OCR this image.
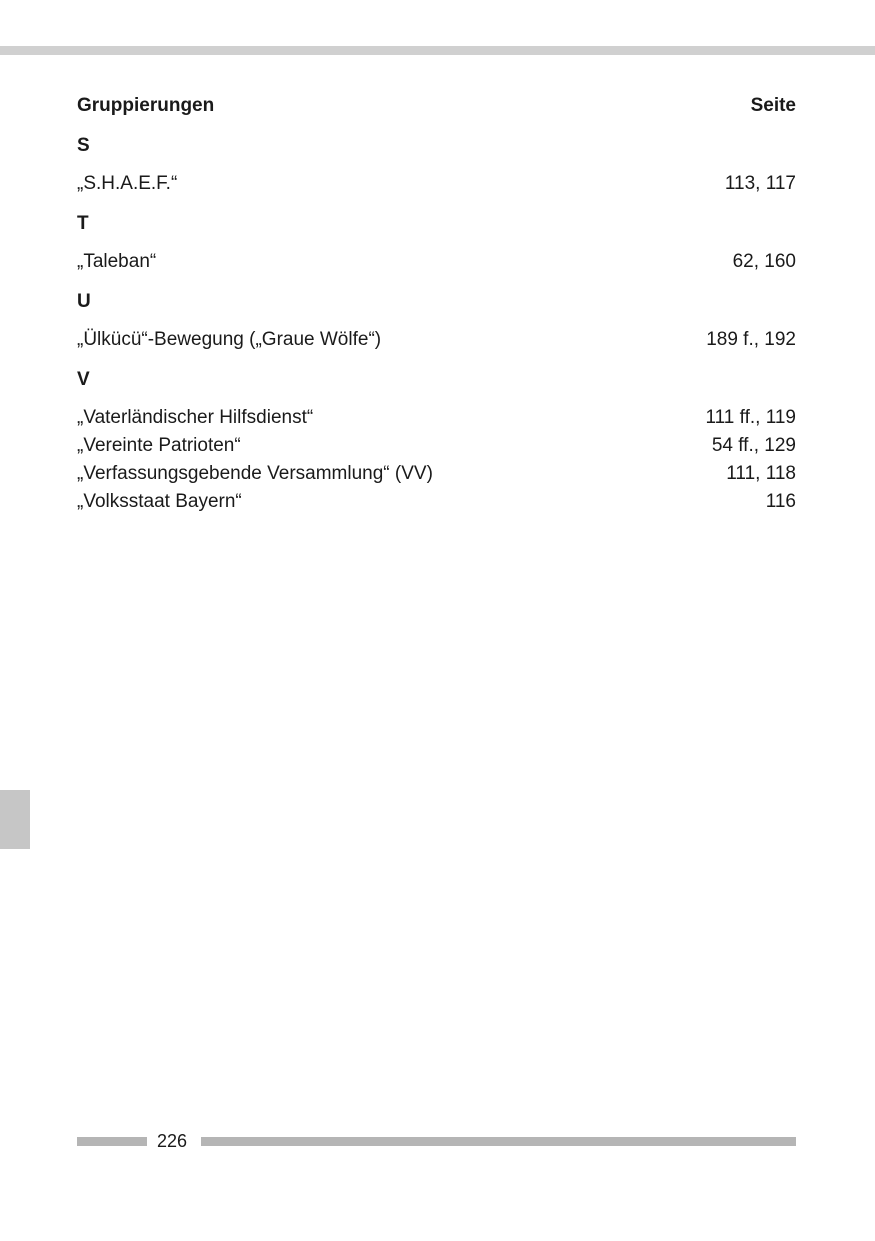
Gruppierungen	Seite
S
„S.H.A.E.F.“	113, 117
T
„Taleban“	62, 160
U
„Ülkücü“-Bewegung („Graue Wölfe“)	189 f., 192
V
„Vaterländischer Hilfsdienst“	111 ff., 119
„Vereinte Patrioten“	54 ff., 129
„Verfassungsgebende Versammlung“ (VV)	111, 118
„Volksstaat Bayern“	116
226
